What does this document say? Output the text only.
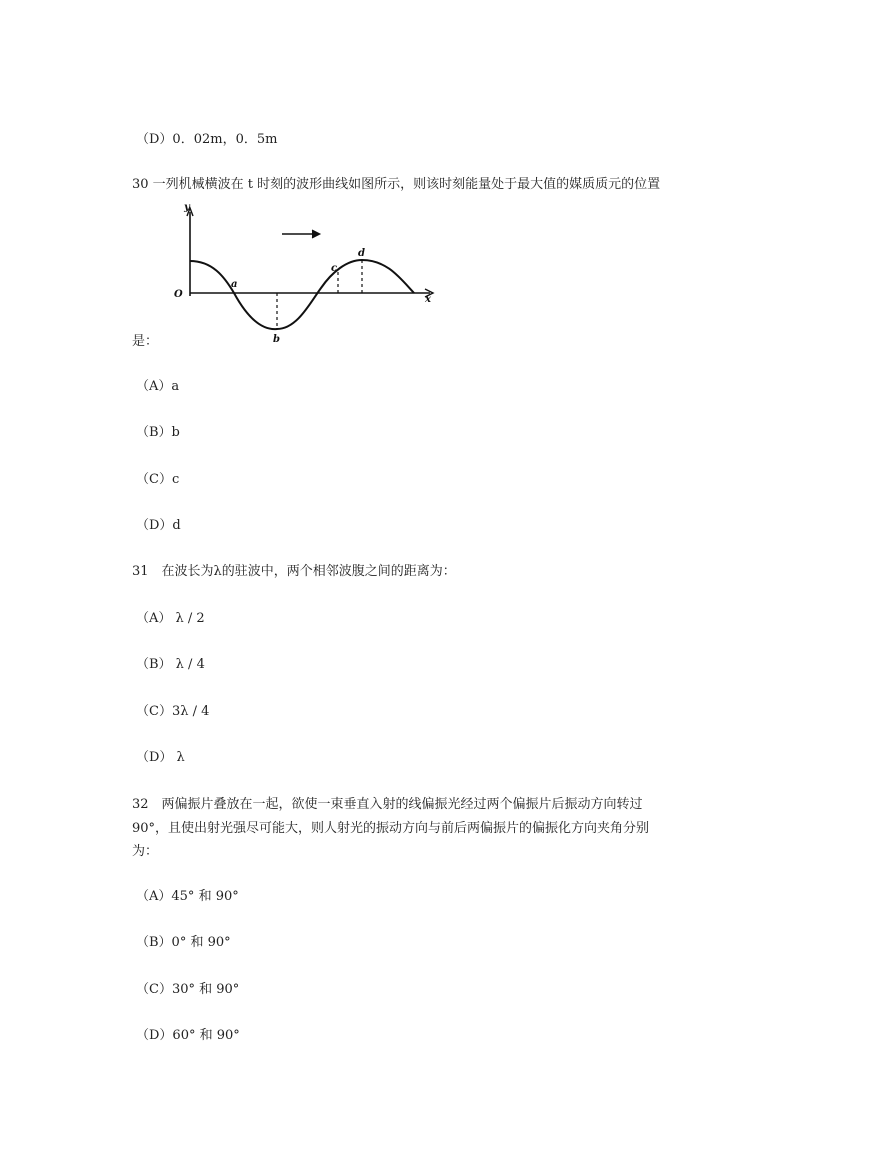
（D）0．02m，0．5m
30 一列机械横波在 t 时刻的波形曲线如图所示，则该时刻能量处于最大值的媒质质元的位置
y
x
O
a
b
c
d
是：
（A）a
（B）b
（C）c
（D）d
31　在波长为λ的驻波中，两个相邻波腹之间的距离为：
（A） λ / 2
（B） λ / 4
（C）3λ / 4
（D） λ
32　两偏振片叠放在一起，欲使一束垂直入射的线偏振光经过两个偏振片后振动方向转过
90°，且使出射光强尽可能大，则人射光的振动方向与前后两偏振片的偏振化方向夹角分别
为：
（A）45° 和 90°
（B）0° 和 90°
（C）30° 和 90°
（D）60° 和 90°
